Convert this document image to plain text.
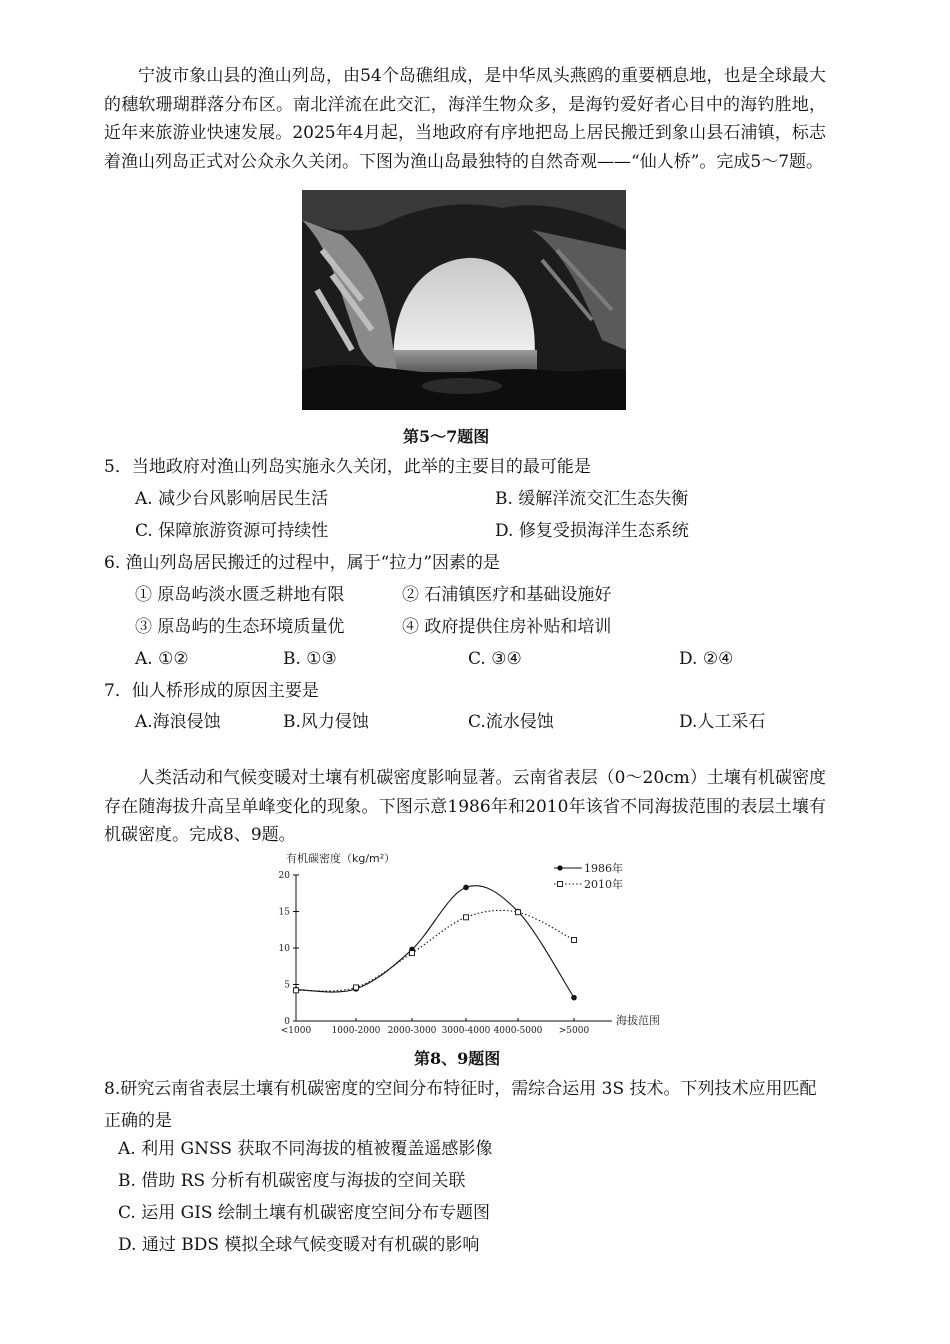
宁波市象山县的渔山列岛，由54个岛礁组成，是中华凤头燕鸥的重要栖息地，也是全球最大的穗软珊瑚群落分布区。南北洋流在此交汇，海洋生物众多，是海钓爱好者心目中的海钓胜地，近年来旅游业快速发展。2025年4月起，当地政府有序地把岛上居民搬迁到象山县石浦镇，标志着渔山列岛正式对公众永久关闭。下图为渔山岛最独特的自然奇观——“仙人桥”。完成5～7题。

第5～7题图
5．当地政府对渔山列岛实施永久关闭，此举的主要目的最可能是
A. 减少台风影响居民生活	B. 缓解洋流交汇生态失衡
C. 保障旅游资源可持续性	D. 修复受损海洋生态系统
6. 渔山列岛居民搬迁的过程中，属于“拉力”因素的是
① 原岛屿淡水匮乏耕地有限	② 石浦镇医疗和基础设施好
③ 原岛屿的生态环境质量优	④ 政府提供住房补贴和培训
A. ①②	B. ①③	C. ③④	D. ②④
7．仙人桥形成的原因主要是
A.海浪侵蚀	B.风力侵蚀	C.流水侵蚀	D.人工采石

人类活动和气候变暖对土壤有机碳密度影响显著。云南省表层（0～20cm）土壤有机碳密度存在随海拔升高呈单峰变化的现象。下图示意1986年和2010年该省不同海拔范围的表层土壤有机碳密度。完成8、9题。

有机碳密度（kg/m²）
海拔范围
0
5
10
15
20
<1000 1000-2000 2000-3000 3000-4000 4000-5000 >5000
1986年
2010年
第8、9题图
8.研究云南省表层土壤有机碳密度的空间分布特征时，需综合运用 3S 技术。下列技术应用匹配正确的是
A. 利用 GNSS 获取不同海拔的植被覆盖遥感影像
B. 借助 RS 分析有机碳密度与海拔的空间关联
C. 运用 GIS 绘制土壤有机碳密度空间分布专题图
D. 通过 BDS 模拟全球气候变暖对有机碳的影响
